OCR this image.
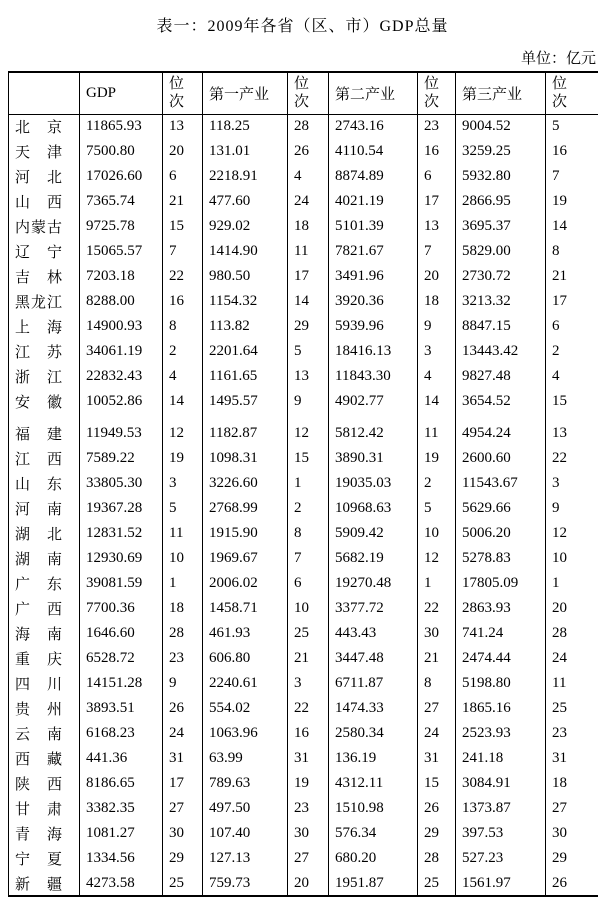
表一：2009年各省（区、市）GDP总量
单位：亿元
	GDP	位次	第一产业	位次	第二产业	位次	第三产业	位次
北　京	11865.93	13	118.25	28	2743.16	23	9004.52	5
天　津	7500.80	20	131.01	26	4110.54	16	3259.25	16
河　北	17026.60	6	2218.91	4	8874.89	6	5932.80	7
山　西	7365.74	21	477.60	24	4021.19	17	2866.95	19
内蒙古	9725.78	15	929.02	18	5101.39	13	3695.37	14
辽　宁	15065.57	7	1414.90	11	7821.67	7	5829.00	8
吉　林	7203.18	22	980.50	17	3491.96	20	2730.72	21
黑龙江	8288.00	16	1154.32	14	3920.36	18	3213.32	17
上　海	14900.93	8	113.82	29	5939.96	9	8847.15	6
江　苏	34061.19	2	2201.64	5	18416.13	3	13443.42	2
浙　江	22832.43	4	1161.65	13	11843.30	4	9827.48	4
安　徽	10052.86	14	1495.57	9	4902.77	14	3654.52	15

福　建	11949.53	12	1182.87	12	5812.42	11	4954.24	13
江　西	7589.22	19	1098.31	15	3890.31	19	2600.60	22
山　东	33805.30	3	3226.60	1	19035.03	2	11543.67	3
河　南	19367.28	5	2768.99	2	10968.63	5	5629.66	9
湖　北	12831.52	11	1915.90	8	5909.42	10	5006.20	12
湖　南	12930.69	10	1969.67	7	5682.19	12	5278.83	10
广　东	39081.59	1	2006.02	6	19270.48	1	17805.09	1
广　西	7700.36	18	1458.71	10	3377.72	22	2863.93	20
海　南	1646.60	28	461.93	25	443.43	30	741.24	28
重　庆	6528.72	23	606.80	21	3447.48	21	2474.44	24
四　川	14151.28	9	2240.61	3	6711.87	8	5198.80	11
贵　州	3893.51	26	554.02	22	1474.33	27	1865.16	25
云　南	6168.23	24	1063.96	16	2580.34	24	2523.93	23
西　藏	441.36	31	63.99	31	136.19	31	241.18	31
陕　西	8186.65	17	789.63	19	4312.11	15	3084.91	18
甘　肃	3382.35	27	497.50	23	1510.98	26	1373.87	27
青　海	1081.27	30	107.40	30	576.34	29	397.53	30
宁　夏	1334.56	29	127.13	27	680.20	28	527.23	29
新　疆	4273.58	25	759.73	20	1951.87	25	1561.97	26
